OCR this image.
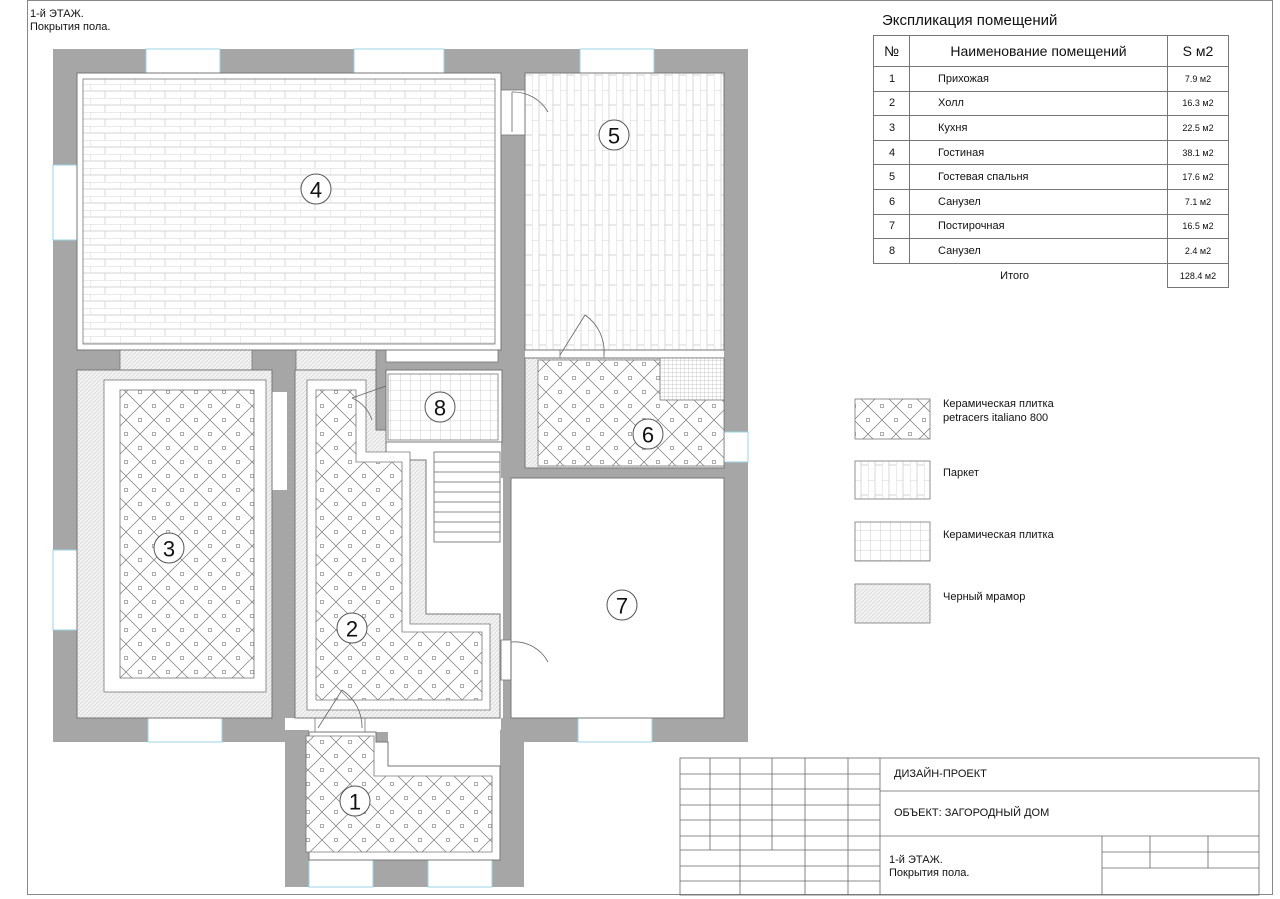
1-й ЭТАЖ.
Покрытия пола.
4
5
3
2
8
6
7
1
Экспликация помещений
№	Наименование помещений	S м2
1	Прихожая	7.9 м2
2	Холл	16.3 м2
3	Кухня	22.5 м2
4	Гостиная	38.1 м2
5	Гостевая спальня	17.6 м2
6	Санузел	7.1 м2
7	Постирочная	16.5 м2
8	Санузел	2.4 м2
	Итого	128.4 м2
Керамическая плитка
petracers italiano 800
Паркет
Керамическая плитка
Черный мрамор
ДИЗАЙН-ПРОЕКТ
ОБЪЕКТ: ЗАГОРОДНЫЙ ДОМ
1-й ЭТАЖ.
Покрытия пола.
